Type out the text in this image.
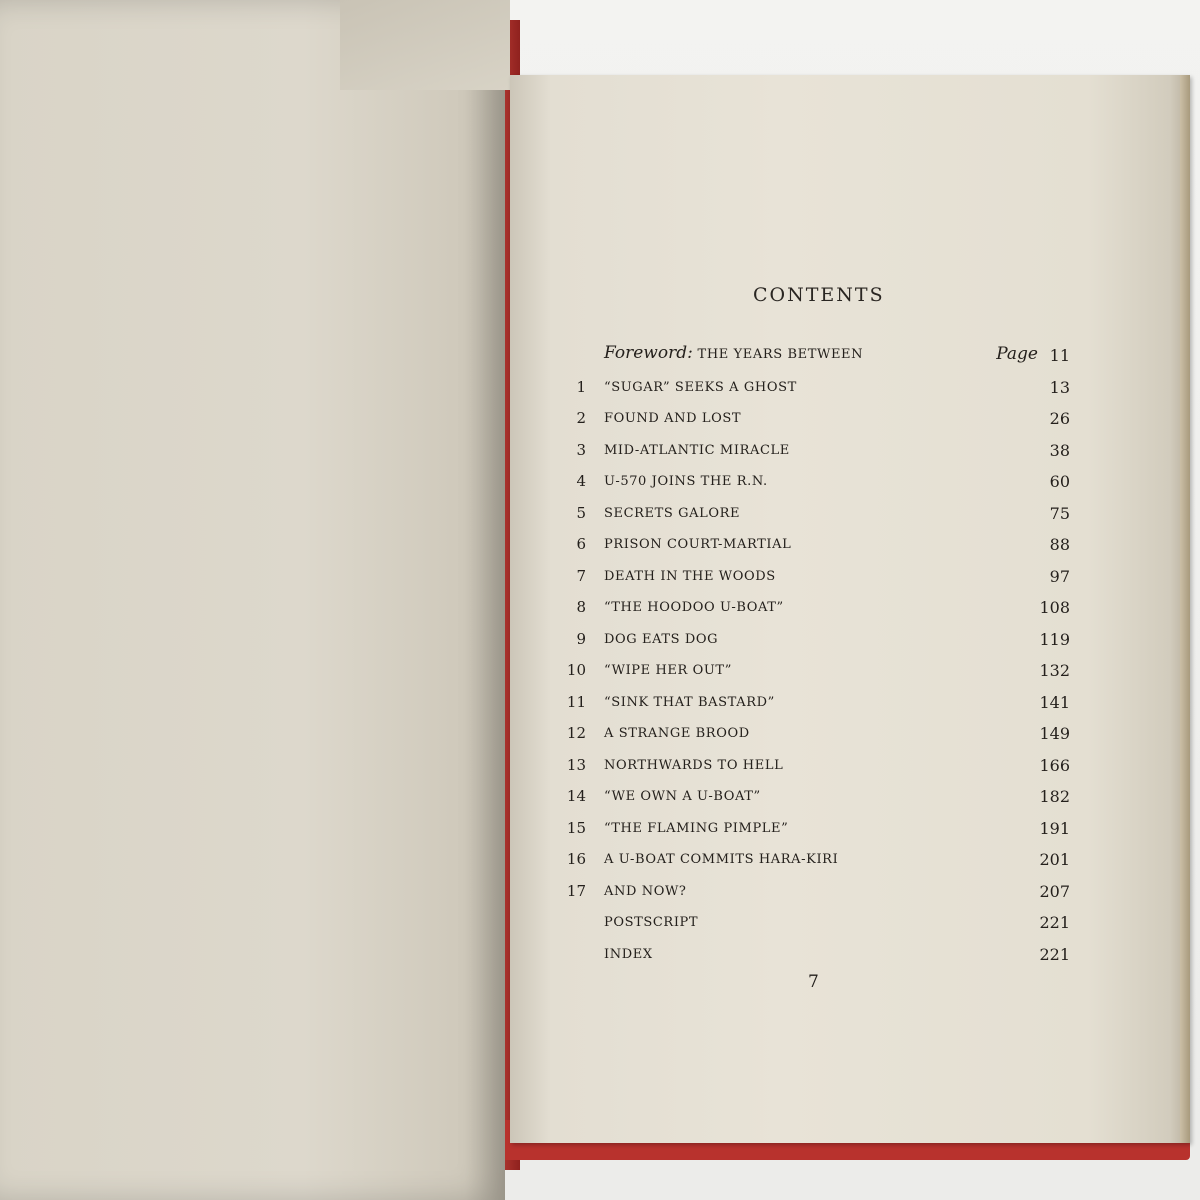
CONTENTS
Foreword: THE YEARS BETWEEN	Page 11
1 “SUGAR” SEEKS A GHOST	13
2 FOUND AND LOST	26
3 MID-ATLANTIC MIRACLE	38
4 U-570 JOINS THE R.N.	60
5 SECRETS GALORE	75
6 PRISON COURT-MARTIAL	88
7 DEATH IN THE WOODS	97
8 “THE HOODOO U-BOAT”	108
9 DOG EATS DOG	119
10 “WIPE HER OUT”	132
11 “SINK THAT BASTARD”	141
12 A STRANGE BROOD	149
13 NORTHWARDS TO HELL	166
14 “WE OWN A U-BOAT”	182
15 “THE FLAMING PIMPLE”	191
16 A U-BOAT COMMITS HARA-KIRI	201
17 AND NOW?	207
POSTSCRIPT	221
INDEX	221
7
